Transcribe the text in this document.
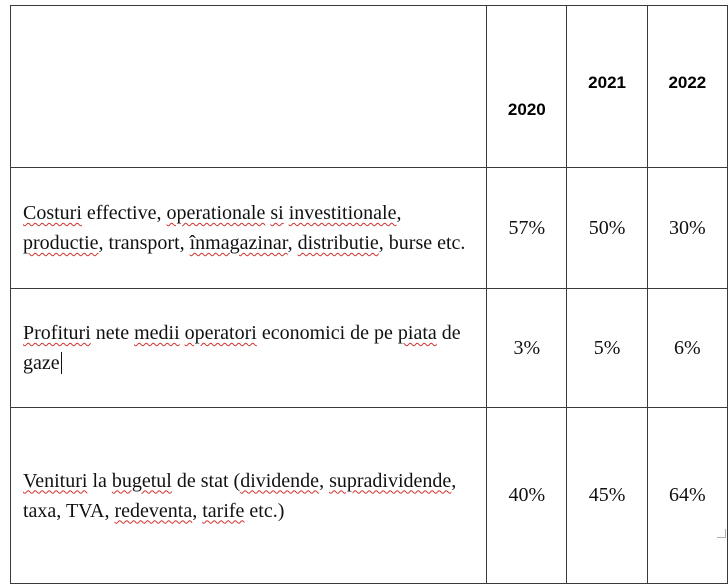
	2020	2021	2022
Costuri effective, operationale si investitionale,
productie, transport, înmagazinar, distributie, burse etc.	57%	50%	30%
Profituri nete medii operatori economici de pe piata de
gaze	3%	5%	6%
Venituri la bugetul de stat (dividende, supradividende,
taxa, TVA, redeventa, tarife etc.)	40%	45%	64%
